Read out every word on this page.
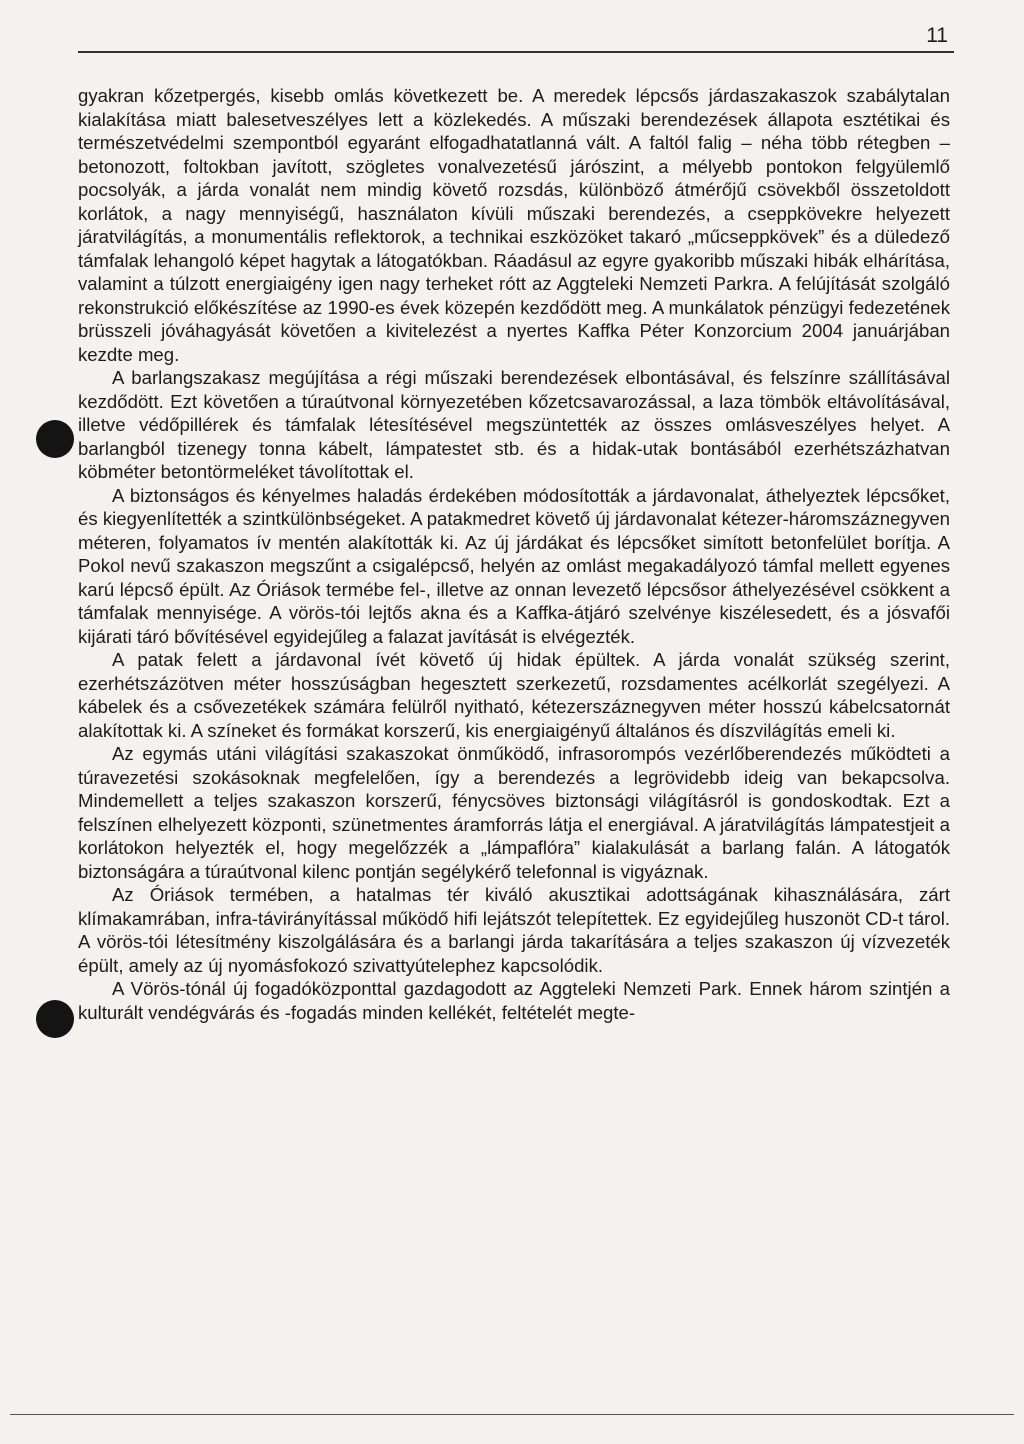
11

gyakran kőzetpergés, kisebb omlás következett be. A meredek lépcsős járdaszakaszok szabálytalan kialakítása miatt balesetveszélyes lett a közlekedés. A műszaki berendezések állapota esztétikai és természetvédelmi szempontból egyaránt elfogadhatatlanná vált. A faltól falig – néha több rétegben – betonozott, foltokban javított, szögletes vonalvezetésű járószint, a mélyebb pontokon felgyülemlő pocsolyák, a járda vonalát nem mindig követő rozsdás, különböző átmérőjű csövekből összetoldott korlátok, a nagy mennyiségű, használaton kívüli műszaki berendezés, a cseppkövekre helyezett járatvilágítás, a monumentális reflektorok, a technikai eszközöket takaró „műcseppkövek” és a düledező támfalak lehangoló képet hagytak a látogatókban. Ráadásul az egyre gyakoribb műszaki hibák elhárítása, valamint a túlzott energiaigény igen nagy terheket rótt az Aggteleki Nemzeti Parkra. A felújítását szolgáló rekonstrukció előkészítése az 1990-es évek közepén kezdődött meg. A munkálatok pénzügyi fedezetének brüsszeli jóváhagyását követően a kivitelezést a nyertes Kaffka Péter Konzorcium 2004 januárjában kezdte meg.

A barlangszakasz megújítása a régi műszaki berendezések elbontásával, és felszínre szállításával kezdődött. Ezt követően a túraútvonal környezetében kőzetcsavarozással, a laza tömbök eltávolításával, illetve védőpillérek és támfalak létesítésével megszüntették az összes omlásveszélyes helyet. A barlangból tizenegy tonna kábelt, lámpatestet stb. és a hidak-utak bontásából ezerhétszázhatvan köbméter betontörmeléket távolítottak el.

A biztonságos és kényelmes haladás érdekében módosították a járdavonalat, áthelyeztek lépcsőket, és kiegyenlítették a szintkülönbségeket. A patakmedret követő új járdavonalat kétezer-háromszáznegyven méteren, folyamatos ív mentén alakították ki. Az új járdákat és lépcsőket simított betonfelület borítja. A Pokol nevű szakaszon megszűnt a csigalépcső, helyén az omlást megakadályozó támfal mellett egyenes karú lépcső épült. Az Óriások termébe fel-, illetve az onnan levezető lépcsősor áthelyezésével csökkent a támfalak mennyisége. A vörös-tói lejtős akna és a Kaffka-átjáró szelvénye kiszélesedett, és a jósvafői kijárati táró bővítésével egyidejűleg a falazat javítását is elvégezték.

A patak felett a járdavonal ívét követő új hidak épültek. A járda vonalát szükség szerint, ezerhétszázötven méter hosszúságban hegesztett szerkezetű, rozsdamentes acélkorlát szegélyezi. A kábelek és a csővezetékek számára felülről nyitható, kétezerszáznegyven méter hosszú kábelcsatornát alakítottak ki. A színeket és formákat korszerű, kis energiaigényű általános és díszvilágítás emeli ki.

Az egymás utáni világítási szakaszokat önműködő, infrasorompós vezérlőberendezés működteti a túravezetési szokásoknak megfelelően, így a berendezés a legrövidebb ideig van bekapcsolva. Mindemellett a teljes szakaszon korszerű, fénycsöves biztonsági világításról is gondoskodtak. Ezt a felszínen elhelyezett központi, szünetmentes áramforrás látja el energiával. A járatvilágítás lámpatestjeit a korlátokon helyezték el, hogy megelőzzék a „lámpaflóra” kialakulását a barlang falán. A látogatók biztonságára a túraútvonal kilenc pontján segélykérő telefonnal is vigyáznak.

Az Óriások termében, a hatalmas tér kiváló akusztikai adottságának kihasználására, zárt klímakamrában, infra-távirányítással működő hifi lejátszót telepítettek. Ez egyidejűleg huszonöt CD-t tárol. A vörös-tói létesítmény kiszolgálására és a barlangi járda takarítására a teljes szakaszon új vízvezeték épült, amely az új nyomásfokozó szivattyútelephez kapcsolódik.

A Vörös-tónál új fogadóközponttal gazdagodott az Aggteleki Nemzeti Park. Ennek három szintjén a kulturált vendégvárás és -fogadás minden kellékét, feltételét megte-
